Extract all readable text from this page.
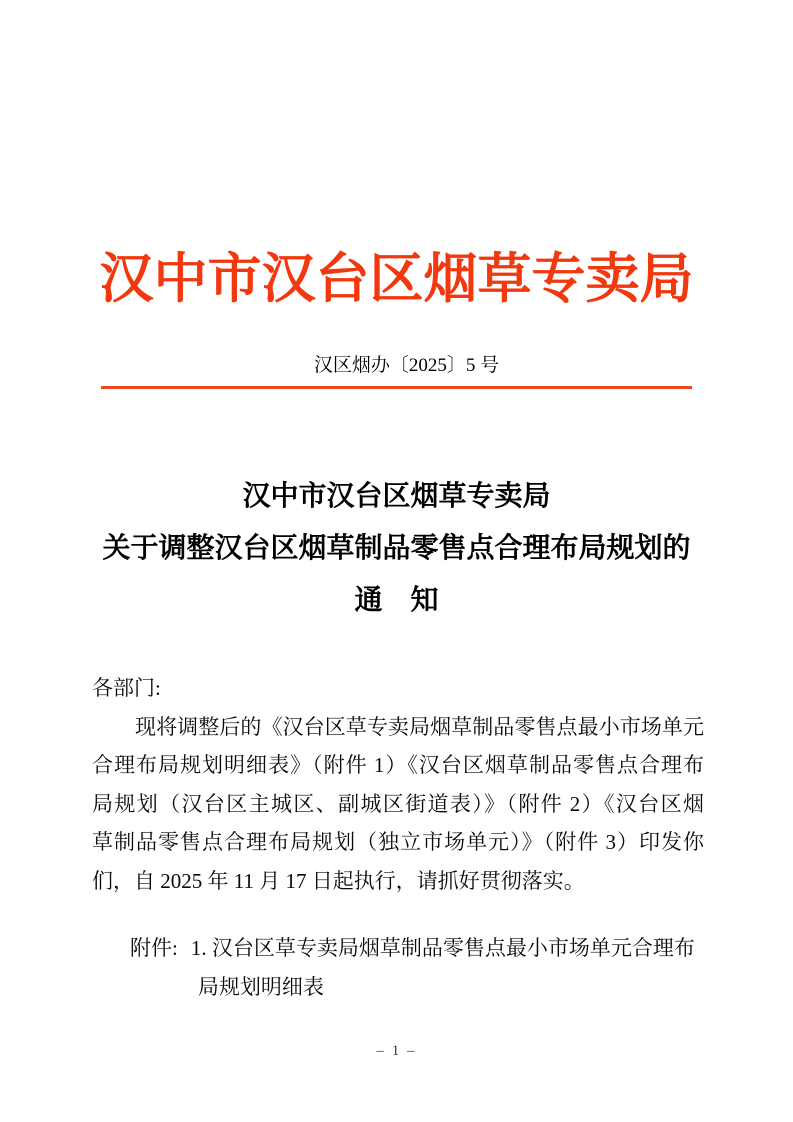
汉中市汉台区烟草专卖局
汉区烟办〔2025〕5 号
汉中市汉台区烟草专卖局
关于调整汉台区烟草制品零售点合理布局规划的
通　知
各部门:
现将调整后的《汉台区草专卖局烟草制品零售点最小市场单元
合理布局规划明细表》（附件 1）《汉台区烟草制品零售点合理布
局规划（汉台区主城区、副城区街道表）》（附件 2）《汉台区烟
草制品零售点合理布局规划（独立市场单元）》（附件 3）印发你
们，自 2025 年 11 月 17 日起执行，请抓好贯彻落实。
附件: 1. 汉台区草专卖局烟草制品零售点最小市场单元合理布
局规划明细表
– 1 –
